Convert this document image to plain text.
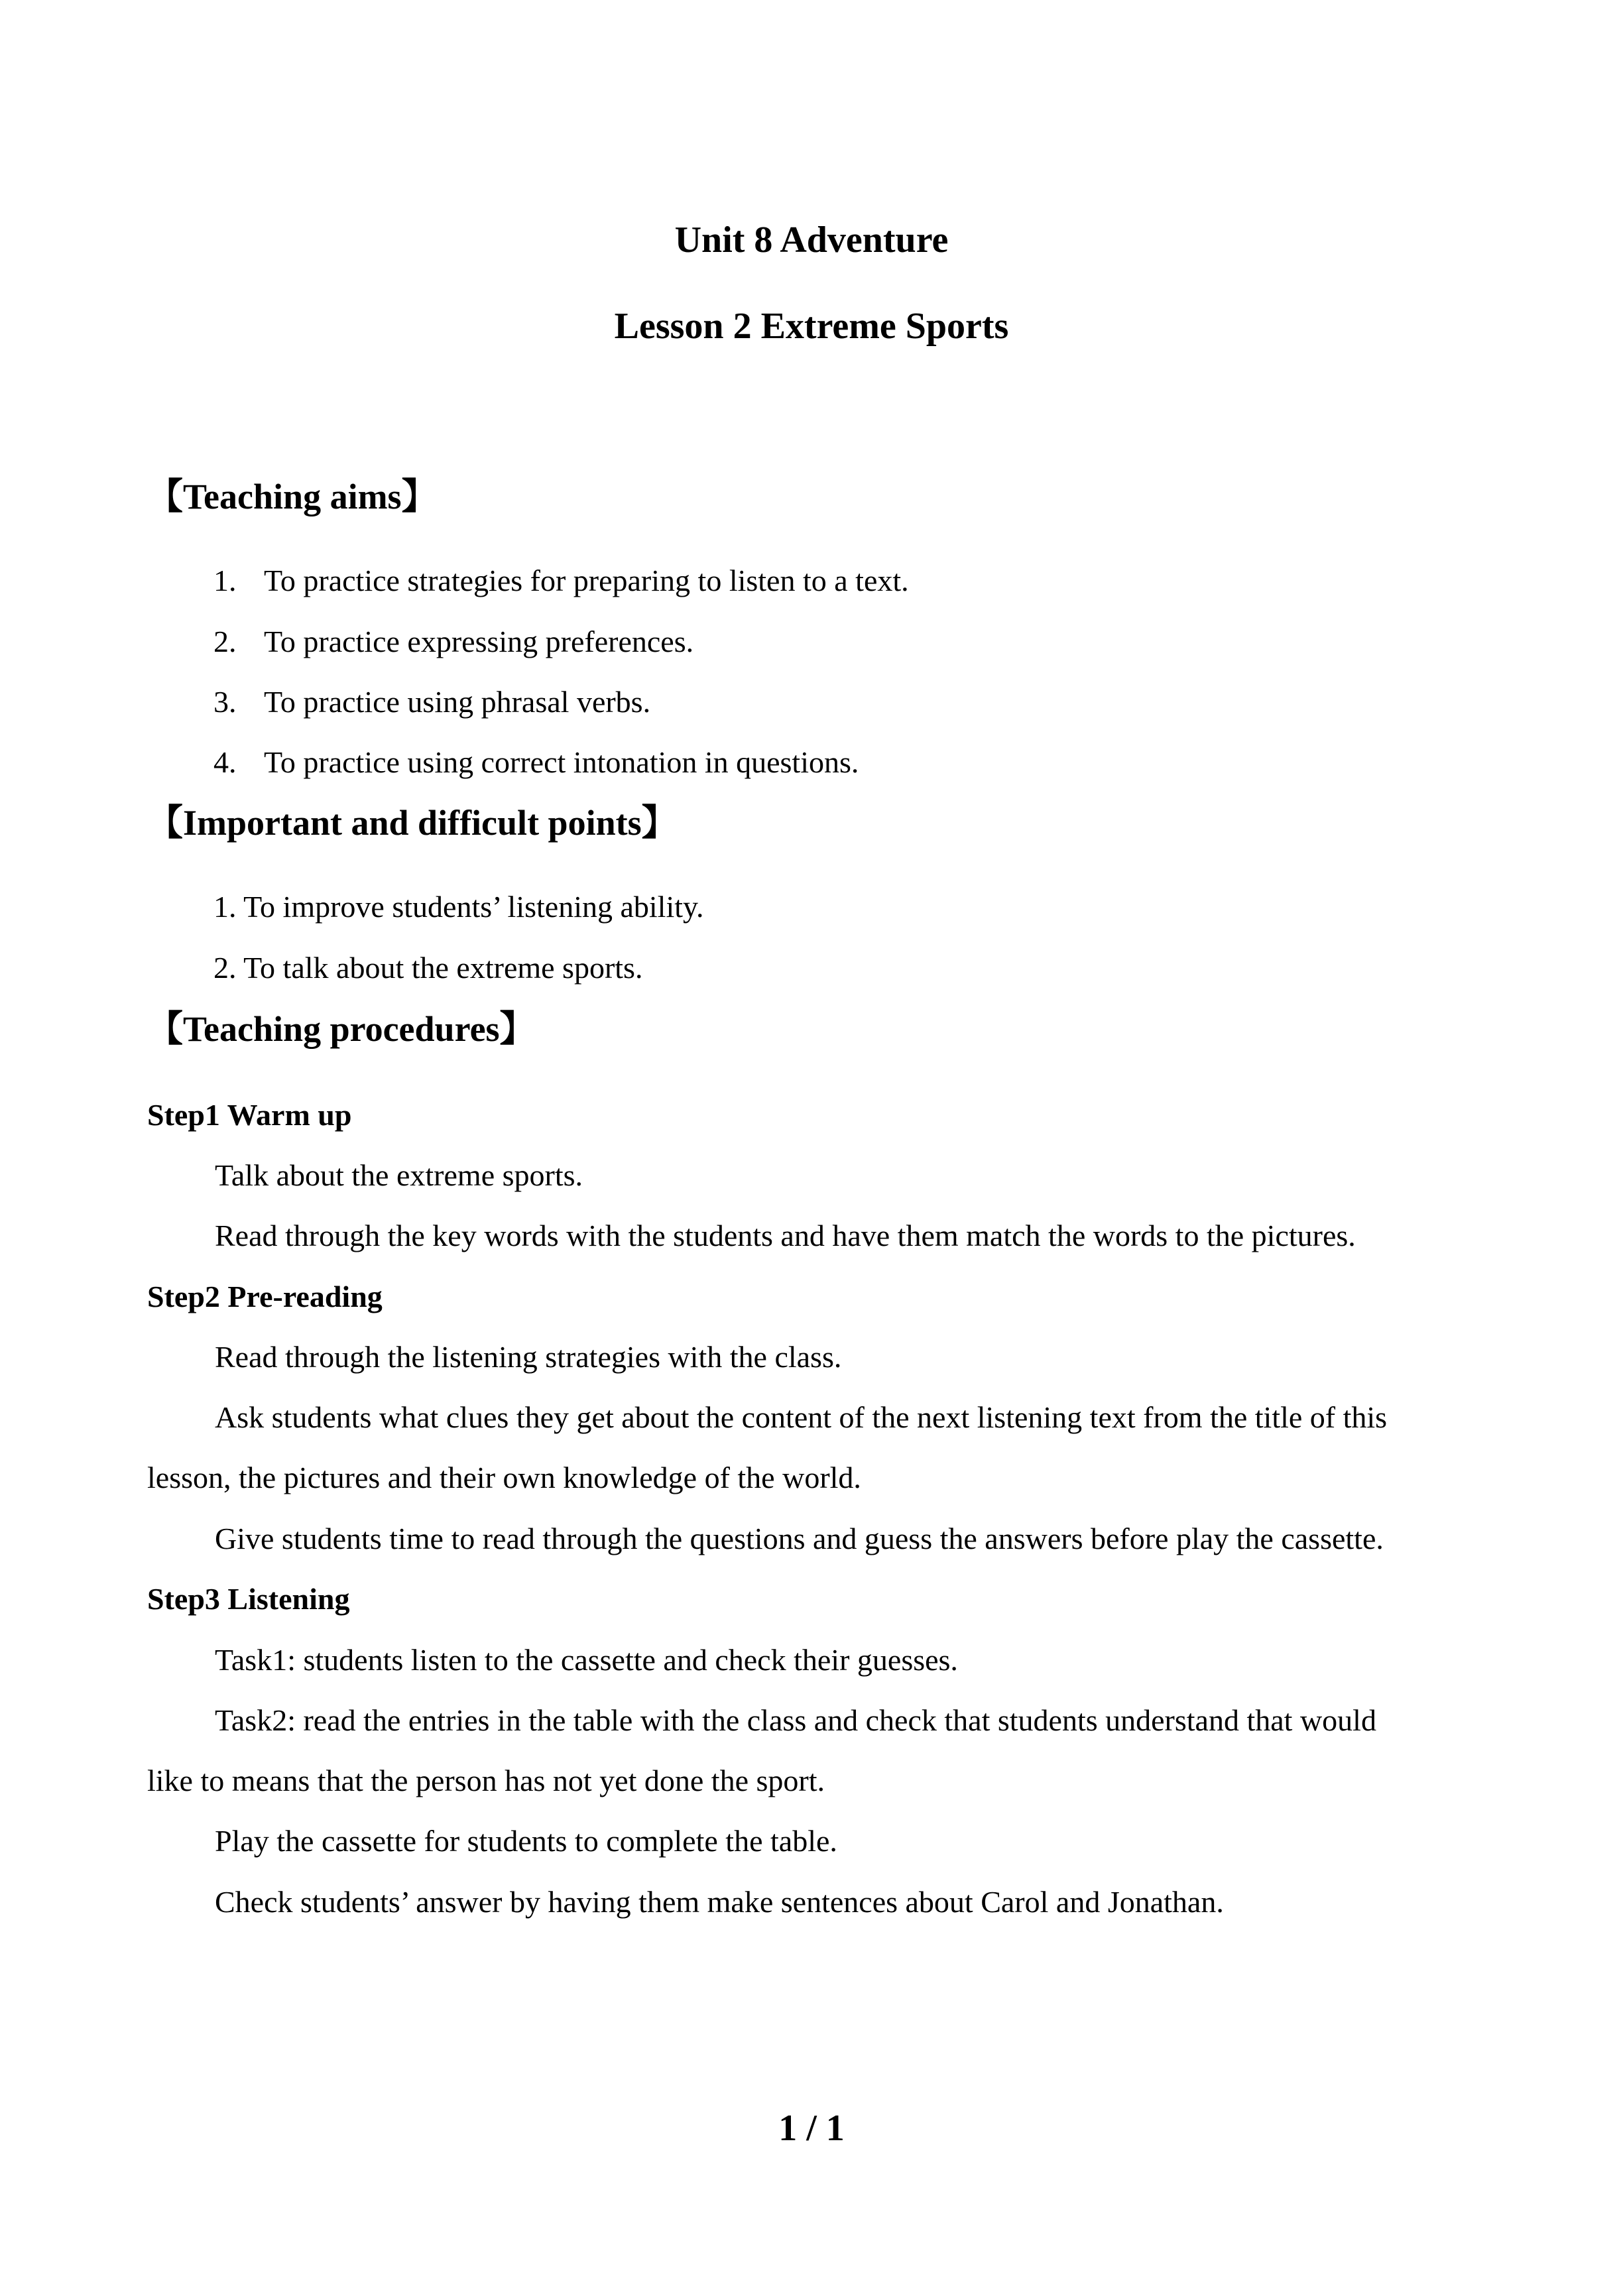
Unit 8 Adventure
Lesson 2 Extreme Sports
【Teaching aims】
1. To practice strategies for preparing to listen to a text.
2. To practice expressing preferences.
3. To practice using phrasal verbs.
4. To practice using correct intonation in questions.
【Important and difficult points】
1. To improve students’ listening ability.
2. To talk about the extreme sports.
【Teaching procedures】
Step1 Warm up
Talk about the extreme sports.
Read through the key words with the students and have them match the words to the pictures.
Step2 Pre-reading
Read through the listening strategies with the class.
Ask students what clues they get about the content of the next listening text from the title of this
lesson, the pictures and their own knowledge of the world.
Give students time to read through the questions and guess the answers before play the cassette.
Step3 Listening
Task1: students listen to the cassette and check their guesses.
Task2: read the entries in the table with the class and check that students understand that would
like to means that the person has not yet done the sport.
Play the cassette for students to complete the table.
Check students’ answer by having them make sentences about Carol and Jonathan.
1 / 1
